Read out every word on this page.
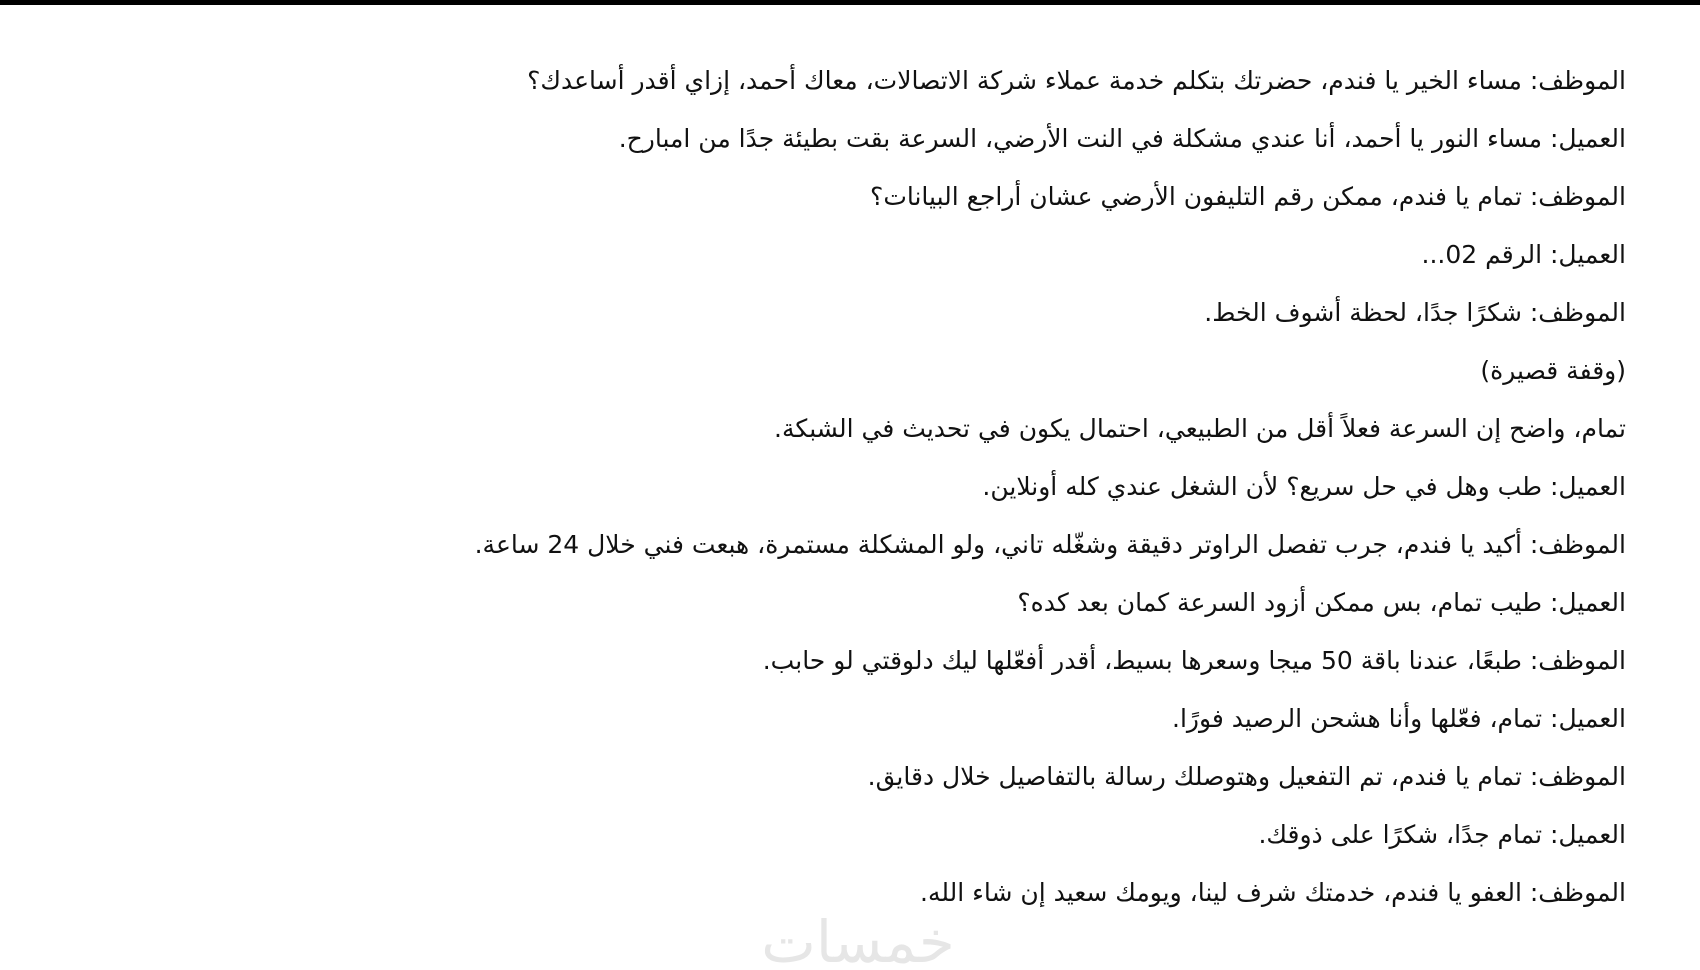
الموظف: مساء الخير يا فندم، حضرتك بتكلم خدمة عملاء شركة الاتصالات، معاك أحمد، إزاي أقدر أساعدك؟
العميل: مساء النور يا أحمد، أنا عندي مشكلة في النت الأرضي، السرعة بقت بطيئة جدًا من امبارح.
الموظف: تمام يا فندم، ممكن رقم التليفون الأرضي عشان أراجع البيانات؟
العميل: الرقم 02...
الموظف: شكرًا جدًا، لحظة أشوف الخط.
(وقفة قصيرة)
تمام، واضح إن السرعة فعلاً أقل من الطبيعي، احتمال يكون في تحديث في الشبكة.
العميل: طب وهل في حل سريع؟ لأن الشغل عندي كله أونلاين.
الموظف: أكيد يا فندم، جرب تفصل الراوتر دقيقة وشغّله تاني، ولو المشكلة مستمرة، هبعت فني خلال 24 ساعة.
العميل: طيب تمام، بس ممكن أزود السرعة كمان بعد كده؟
الموظف: طبعًا، عندنا باقة 50 ميجا وسعرها بسيط، أقدر أفعّلها ليك دلوقتي لو حابب.
العميل: تمام، فعّلها وأنا هشحن الرصيد فورًا.
الموظف: تمام يا فندم، تم التفعيل وهتوصلك رسالة بالتفاصيل خلال دقايق.
العميل: تمام جدًا، شكرًا على ذوقك.
الموظف: العفو يا فندم، خدمتك شرف لينا، ويومك سعيد إن شاء الله.
خمسات
